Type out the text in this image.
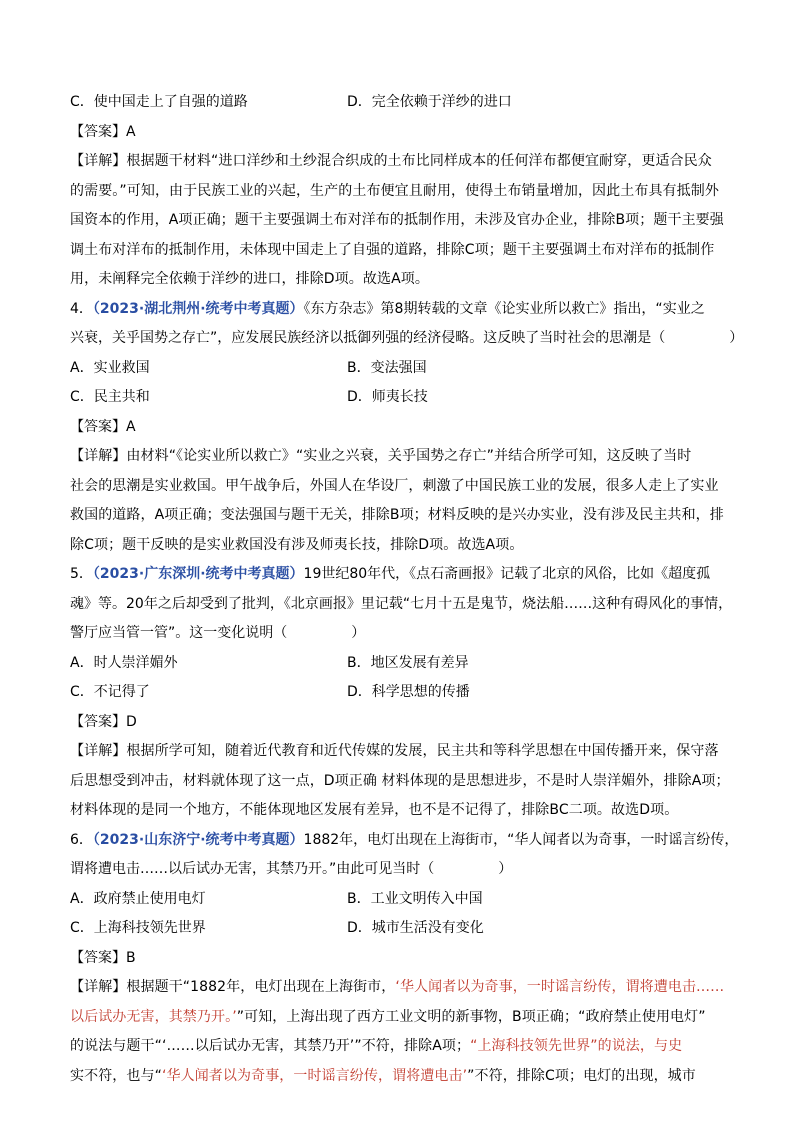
C．使中国走上了自强的道路	D．完全依赖于洋纱的进口
【答案】A
【详解】根据题干材料“进口洋纱和土纱混合织成的土布比同样成本的任何洋布都便宜耐穿，更适合民众
的需要。”可知，由于民族工业的兴起，生产的土布便宜且耐用，使得土布销量增加，因此土布具有抵制外
国资本的作用，A项正确；题干主要强调土布对洋布的抵制作用，未涉及官办企业，排除B项；题干主要强
调土布对洋布的抵制作用，未体现中国走上了自强的道路，排除C项；题干主要强调土布对洋布的抵制作
用，未阐释完全依赖于洋纱的进口，排除D项。故选A项。
4．（2023·湖北荆州·统考中考真题）《东方杂志》第8期转载的文章《论实业所以救亡》指出，“实业之
兴衰，关乎国势之存亡”，应发展民族经济以抵御列强的经济侵略。这反映了当时社会的思潮是（	）
A．实业救国	B．变法强国
C．民主共和	D．师夷长技
【答案】A
【详解】由材料“《论实业所以救亡》“实业之兴衰，关乎国势之存亡”并结合所学可知，这反映了当时
社会的思潮是实业救国。甲午战争后，外国人在华设厂，刺激了中国民族工业的发展，很多人走上了实业
救国的道路，A项正确；变法强国与题干无关，排除B项；材料反映的是兴办实业，没有涉及民主共和，排
除C项；题干反映的是实业救国没有涉及师夷长技，排除D项。故选A项。
5．（2023·广东深圳·统考中考真题）19世纪80年代，《点石斋画报》记载了北京的风俗，比如《超度孤
魂》等。20年之后却受到了批判，《北京画报》里记载“七月十五是鬼节，烧法船……这种有碍风化的事情，
警厅应当管一管”。这一变化说明（	）
A．时人崇洋媚外	B．地区发展有差异
C．不记得了	D．科学思想的传播
【答案】D
【详解】根据所学可知，随着近代教育和近代传媒的发展，民主共和等科学思想在中国传播开来，保守落
后思想受到冲击，材料就体现了这一点，D项正确 材料体现的是思想进步，不是时人崇洋媚外，排除A项；
材料体现的是同一个地方，不能体现地区发展有差异，也不是不记得了，排除BC二项。故选D项。
6．（2023·山东济宁·统考中考真题）1882年，电灯出现在上海街市，“华人闻者以为奇事，一时谣言纷传，
谓将遭电击……以后试办无害，其禁乃开。”由此可见当时（	）
A．政府禁止使用电灯	B．工业文明传入中国
C．上海科技领先世界	D．城市生活没有变化
【答案】B
【详解】根据题干“1882年，电灯出现在上海街市，‘华人闻者以为奇事，一时谣言纷传，谓将遭电击……
以后试办无害，其禁乃开。’”可知，上海出现了西方工业文明的新事物，B项正确；“政府禁止使用电灯”
的说法与题干“‘……以后试办无害，其禁乃开’”不符，排除A项；“上海科技领先世界”的说法，与史
实不符，也与“‘华人闻者以为奇事，一时谣言纷传，谓将遭电击’”不符，排除C项；电灯的出现，城市
